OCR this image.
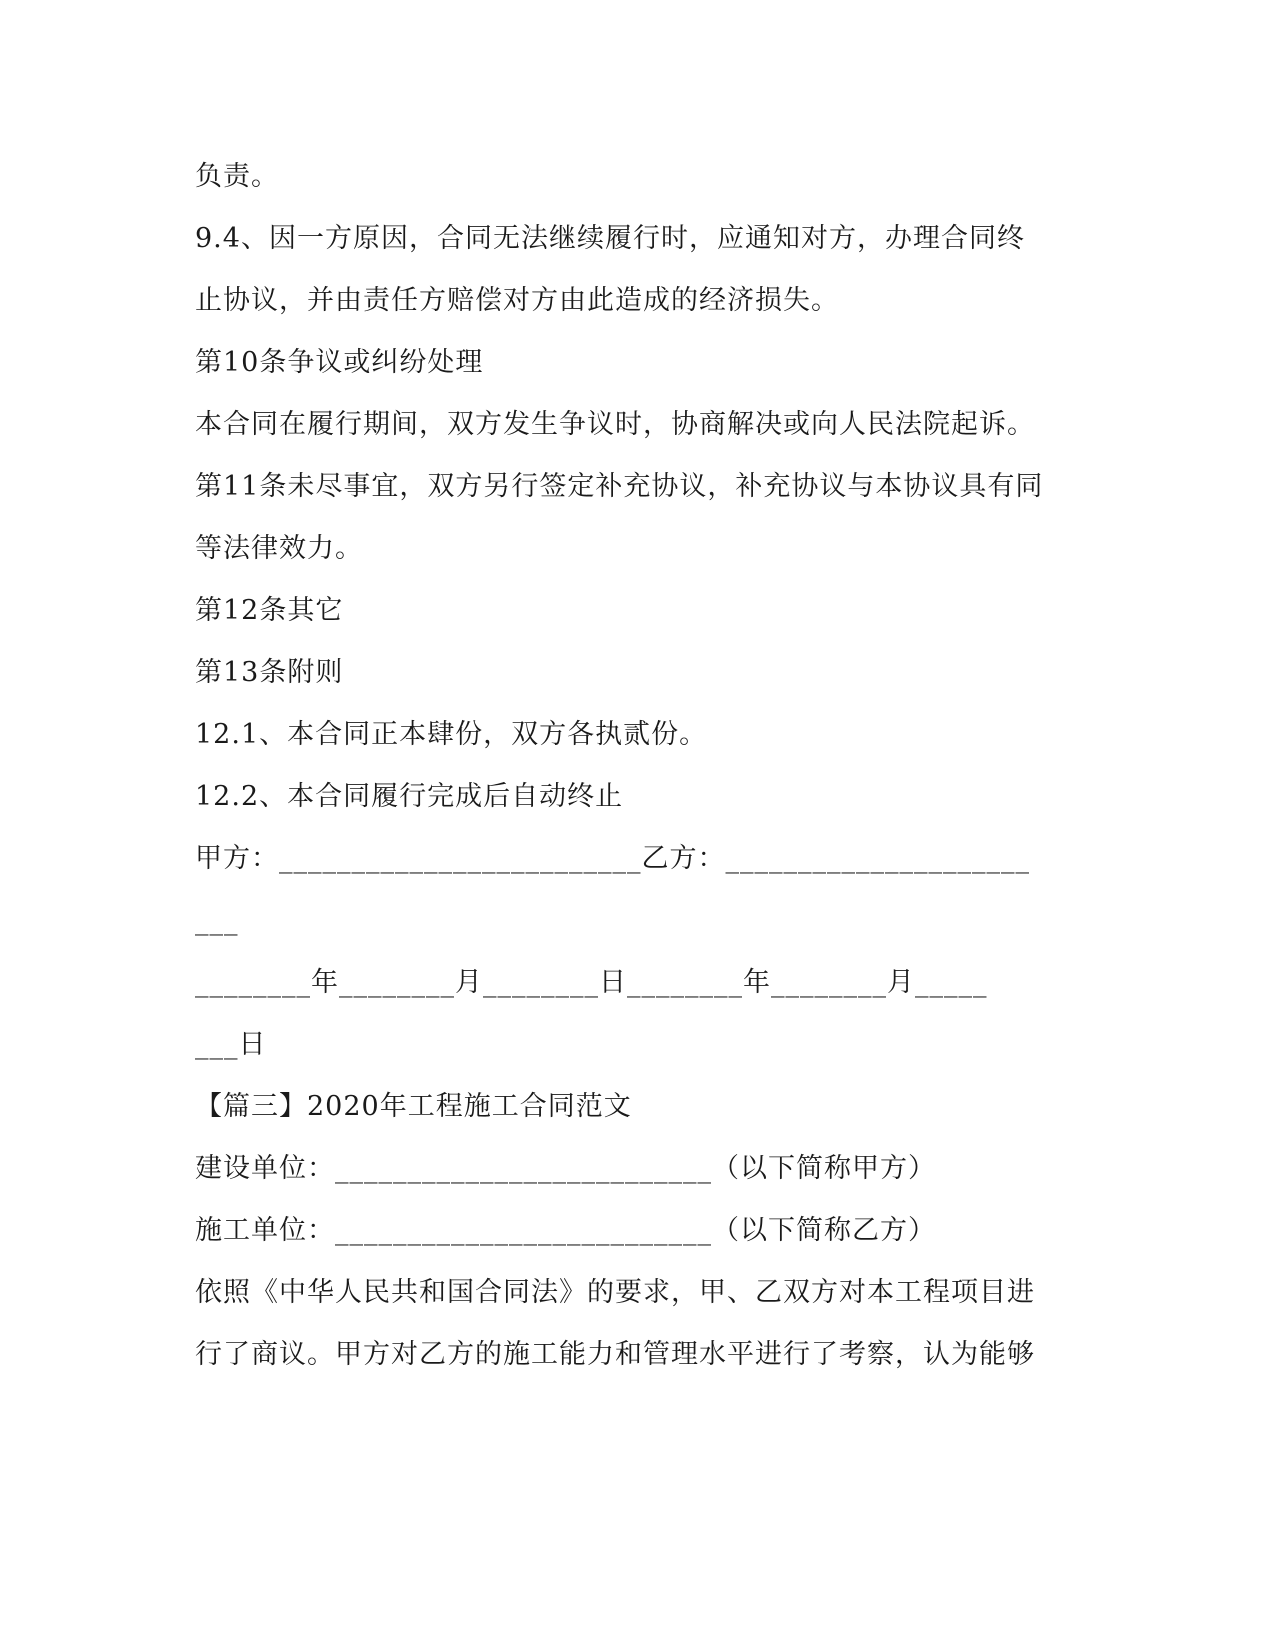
负责。
9.4、因一方原因，合同无法继续履行时，应通知对方，办理合同终
止协议，并由责任方赔偿对方由此造成的经济损失。
第10条争议或纠纷处理
本合同在履行期间，双方发生争议时，协商解决或向人民法院起诉。
第11条未尽事宜，双方另行签定补充协议，补充协议与本协议具有同
等法律效力。
第12条其它
第13条附则
12.1、本合同正本肆份，双方各执贰份。
12.2、本合同履行完成后自动终止
甲方：_________________________乙方：_____________________
___
________年________月________日________年________月_____
___日
【篇三】2020年工程施工合同范文
建设单位：__________________________（以下简称甲方）
施工单位：__________________________（以下简称乙方）
依照《中华人民共和国合同法》的要求，甲、乙双方对本工程项目进
行了商议。甲方对乙方的施工能力和管理水平进行了考察，认为能够
